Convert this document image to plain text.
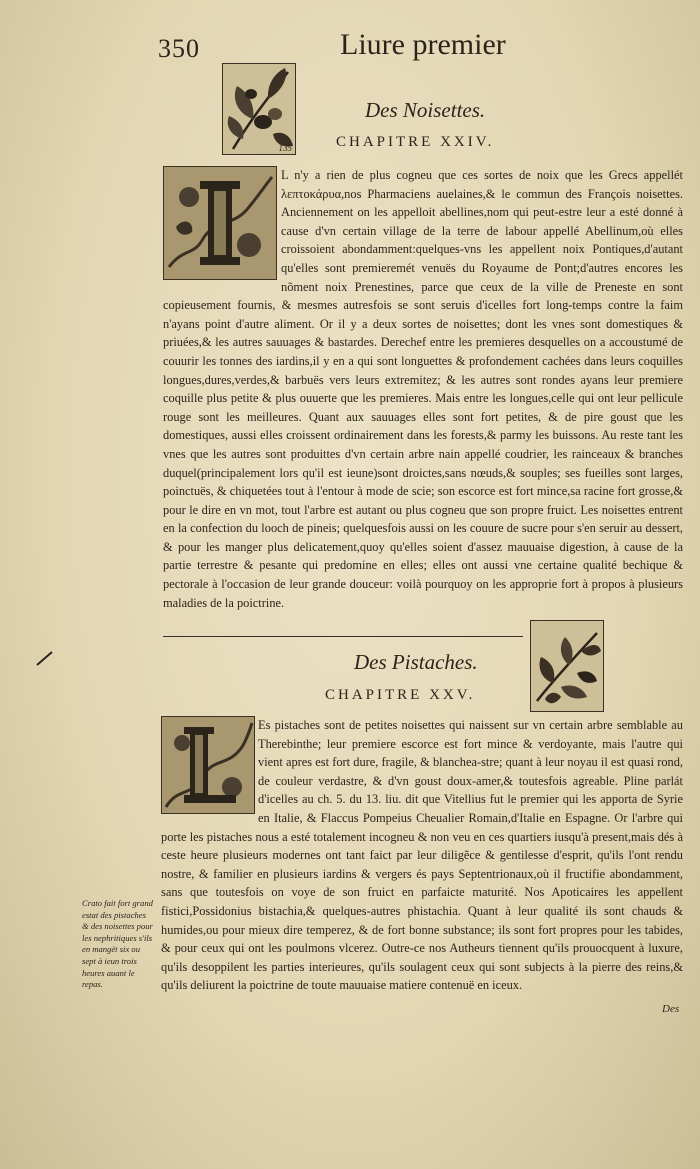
350	Liure premier
135
Des Noisettes.
CHAPITRE XXIV.

L n'y a rien de plus cogneu que ces sortes de noix que les Grecs appellét λεπτοκάρυα,nos Pharmaciens auelaines,& le commun des François noisettes. Anciennement on les appelloit abellines,nom qui peut-estre leur a esté donné à cause d'vn certain village de la terre de labour appellé Abellinum,où elles croissoient abondamment:quelques-vns les appellent noix Pontiques,d'autant qu'elles sont premieremét venuës du Royaume de Pont;d'autres encores les nõment noix Prenestines, parce que ceux de la ville de Preneste en sont copieusement fournis, & mesmes autresfois se sont seruis d'icelles fort long-temps contre la faim n'ayans point d'autre aliment. Or il y a deux sortes de noisettes; dont les vnes sont domestiques & priuées,& les autres sauuages & bastardes. Derechef entre les premieres desquelles on a accoustumé de couurir les tonnes des iardins,il y en a qui sont longuettes & profondement cachées dans leurs coquilles longues,dures,verdes,& barbuës vers leurs extremitez; & les autres sont rondes ayans leur premiere coquille plus petite & plus ouuerte que les premieres. Mais entre les longues,celle qui ont leur pellicule rouge sont les meilleures. Quant aux sauuages elles sont fort petites, & de pire goust que les domestiques, aussi elles croissent ordinairement dans les forests,& parmy les buissons. Au reste tant les vnes que les autres sont produittes d'vn certain arbre nain appellé coudrier, les rainceaux & branches duquel(principalement lors qu'il est ieune)sont droictes,sans nœuds,& souples; ses fueilles sont larges, poinctuës, & chiquetées tout à l'entour à mode de scie; son escorce est fort mince,sa racine fort grosse,& pour le dire en vn mot, tout l'arbre est autant ou plus cogneu que son propre fruict. Les noisettes entrent en la confection du looch de pineis; quelquesfois aussi on les couure de sucre pour s'en seruir au dessert, & pour les manger plus delicatement,quoy qu'elles soient d'assez mauuaise digestion, à cause de la partie terrestre & pesante qui predomine en elles; elles ont aussi vne certaine qualité bechique & pectorale à l'occasion de leur grande douceur: voilà pourquoy on les approprie fort à propos à plusieurs maladies de la poictrine.

Des Pistaches.
CHAPITRE XXV.

Es pistaches sont de petites noisettes qui naissent sur vn certain arbre semblable au Therebinthe; leur premiere escorce est fort mince & verdoyante, mais l'autre qui vient apres est fort dure, fragile, & blanchea-stre; quant à leur noyau il est quasi rond, de couleur verdastre, & d'vn goust doux-amer,& toutesfois agreable. Pline parlát d'icelles au ch. 5. du 13. liu. dit que Vitellius fut le premier qui les apporta de Syrie en Italie, & Flaccus Pompeius Cheualier Romain,d'Italie en Espagne. Or l'arbre qui porte les pistaches nous a esté totalement incogneu & non veu en ces quartiers iusqu'à present,mais dés à ceste heure plusieurs modernes ont tant faict par leur diligẽce & gentilesse d'esprit, qu'ils l'ont rendu nostre, & familier en plusieurs iardins & vergers és pays Septentrionaux,où il fructifie abondamment, sans que toutesfois on voye de son fruict en parfaicte maturité. Nos Apoticaires les appellent fistici,Possidonius bistachia,& quelques-autres phistachia. Quant à leur qualité ils sont chauds & humides,ou pour mieux dire temperez, & de fort bonne substance; ils sont fort propres pour les tabides, & pour ceux qui ont les poulmons vlcerez. Outre-ce nos Autheurs tiennent qu'ils prouocquent à luxure, qu'ils desoppilent les parties interieures, qu'ils soulagent ceux qui sont subjects à la pierre des reins,& qu'ils deliurent la poictrine de toute mauuaise matiere contenuë en iceux.

Crato fait fort grand estat des pistaches & des noisettes pour les nephritiques s'ils en mangët six ou sept à ieun trois heures auant le repas.
Des
